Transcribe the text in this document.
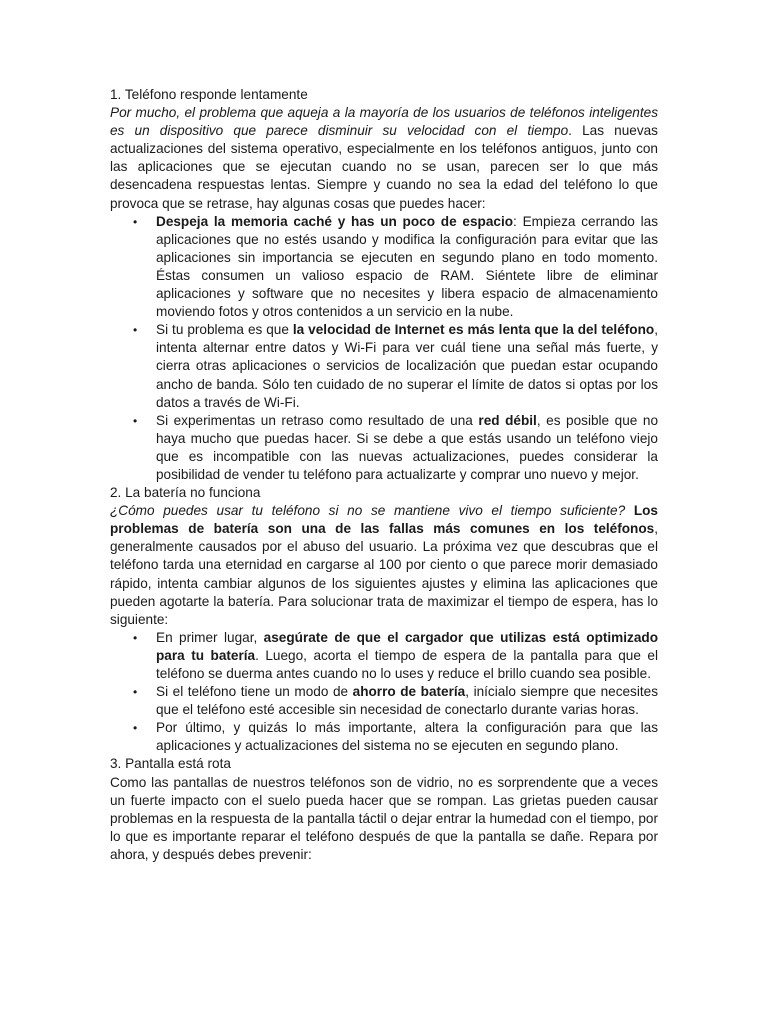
1. Teléfono responde lentamente

Por mucho, el problema que aqueja a la mayoría de los usuarios de teléfonos inteligentes es un dispositivo que parece disminuir su velocidad con el tiempo. Las nuevas actualizaciones del sistema operativo, especialmente en los teléfonos antiguos, junto con las aplicaciones que se ejecutan cuando no se usan, parecen ser lo que más desencadena respuestas lentas. Siempre y cuando no sea la edad del teléfono lo que provoca que se retrase, hay algunas cosas que puedes hacer:

• Despeja la memoria caché y has un poco de espacio: Empieza cerrando las aplicaciones que no estés usando y modifica la configuración para evitar que las aplicaciones sin importancia se ejecuten en segundo plano en todo momento. Éstas consumen un valioso espacio de RAM. Siéntete libre de eliminar aplicaciones y software que no necesites y libera espacio de almacenamiento moviendo fotos y otros contenidos a un servicio en la nube.
• Si tu problema es que la velocidad de Internet es más lenta que la del teléfono, intenta alternar entre datos y Wi-Fi para ver cuál tiene una señal más fuerte, y cierra otras aplicaciones o servicios de localización que puedan estar ocupando ancho de banda. Sólo ten cuidado de no superar el límite de datos si optas por los datos a través de Wi-Fi.
• Si experimentas un retraso como resultado de una red débil, es posible que no haya mucho que puedas hacer. Si se debe a que estás usando un teléfono viejo que es incompatible con las nuevas actualizaciones, puedes considerar la posibilidad de vender tu teléfono para actualizarte y comprar uno nuevo y mejor.

2. La batería no funciona

¿Cómo puedes usar tu teléfono si no se mantiene vivo el tiempo suficiente? Los problemas de batería son una de las fallas más comunes en los teléfonos, generalmente causados por el abuso del usuario. La próxima vez que descubras que el teléfono tarda una eternidad en cargarse al 100 por ciento o que parece morir demasiado rápido, intenta cambiar algunos de los siguientes ajustes y elimina las aplicaciones que pueden agotarte la batería. Para solucionar trata de maximizar el tiempo de espera, has lo siguiente:

• En primer lugar, asegúrate de que el cargador que utilizas está optimizado para tu batería. Luego, acorta el tiempo de espera de la pantalla para que el teléfono se duerma antes cuando no lo uses y reduce el brillo cuando sea posible.
• Si el teléfono tiene un modo de ahorro de batería, inícialo siempre que necesites que el teléfono esté accesible sin necesidad de conectarlo durante varias horas.
• Por último, y quizás lo más importante, altera la configuración para que las aplicaciones y actualizaciones del sistema no se ejecuten en segundo plano.

3. Pantalla está rota

Como las pantallas de nuestros teléfonos son de vidrio, no es sorprendente que a veces un fuerte impacto con el suelo pueda hacer que se rompan. Las grietas pueden causar problemas en la respuesta de la pantalla táctil o dejar entrar la humedad con el tiempo, por lo que es importante reparar el teléfono después de que la pantalla se dañe. Repara por ahora, y después debes prevenir:
